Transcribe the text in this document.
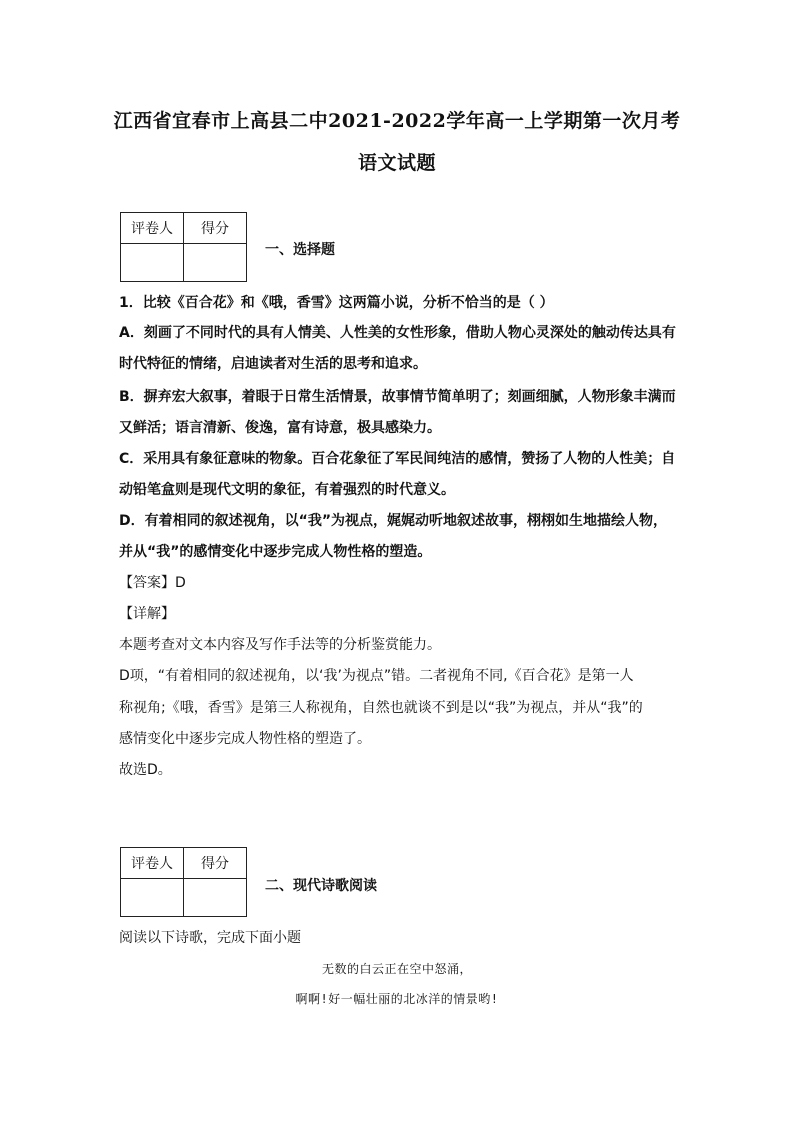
江西省宜春市上高县二中2021-2022学年高一上学期第一次月考
语文试题
评卷人	得分

一、选择题
1．比较《百合花》和《哦，香雪》这两篇小说，分析不恰当的是（ ）
A．刻画了不同时代的具有人情美、人性美的女性形象，借助人物心灵深处的触动传达具有
时代特征的情绪，启迪读者对生活的思考和追求。
B．摒弃宏大叙事，着眼于日常生活情景，故事情节简单明了；刻画细腻，人物形象丰满而
又鲜活；语言清新、俊逸，富有诗意，极具感染力。
C．采用具有象征意味的物象。百合花象征了军民间纯洁的感情，赞扬了人物的人性美；自
动铅笔盒则是现代文明的象征，有着强烈的时代意义。
D．有着相同的叙述视角，以“我”为视点，娓娓动听地叙述故事，栩栩如生地描绘人物，
并从“我”的感情变化中逐步完成人物性格的塑造。
【答案】D
【详解】
本题考查对文本内容及写作手法等的分析鉴赏能力。
D项，“有着相同的叙述视角，以‘我’为视点”错。二者视角不同,《百合花》是第一人
称视角;《哦，香雪》是第三人称视角，自然也就谈不到是以“我”为视点，并从“我”的
感情变化中逐步完成人物性格的塑造了。
故选D。
评卷人	得分

二、现代诗歌阅读
阅读以下诗歌，完成下面小题
无数的白云正在空中怒涌，
啊啊!好一幅壮丽的北冰洋的情景哟!
